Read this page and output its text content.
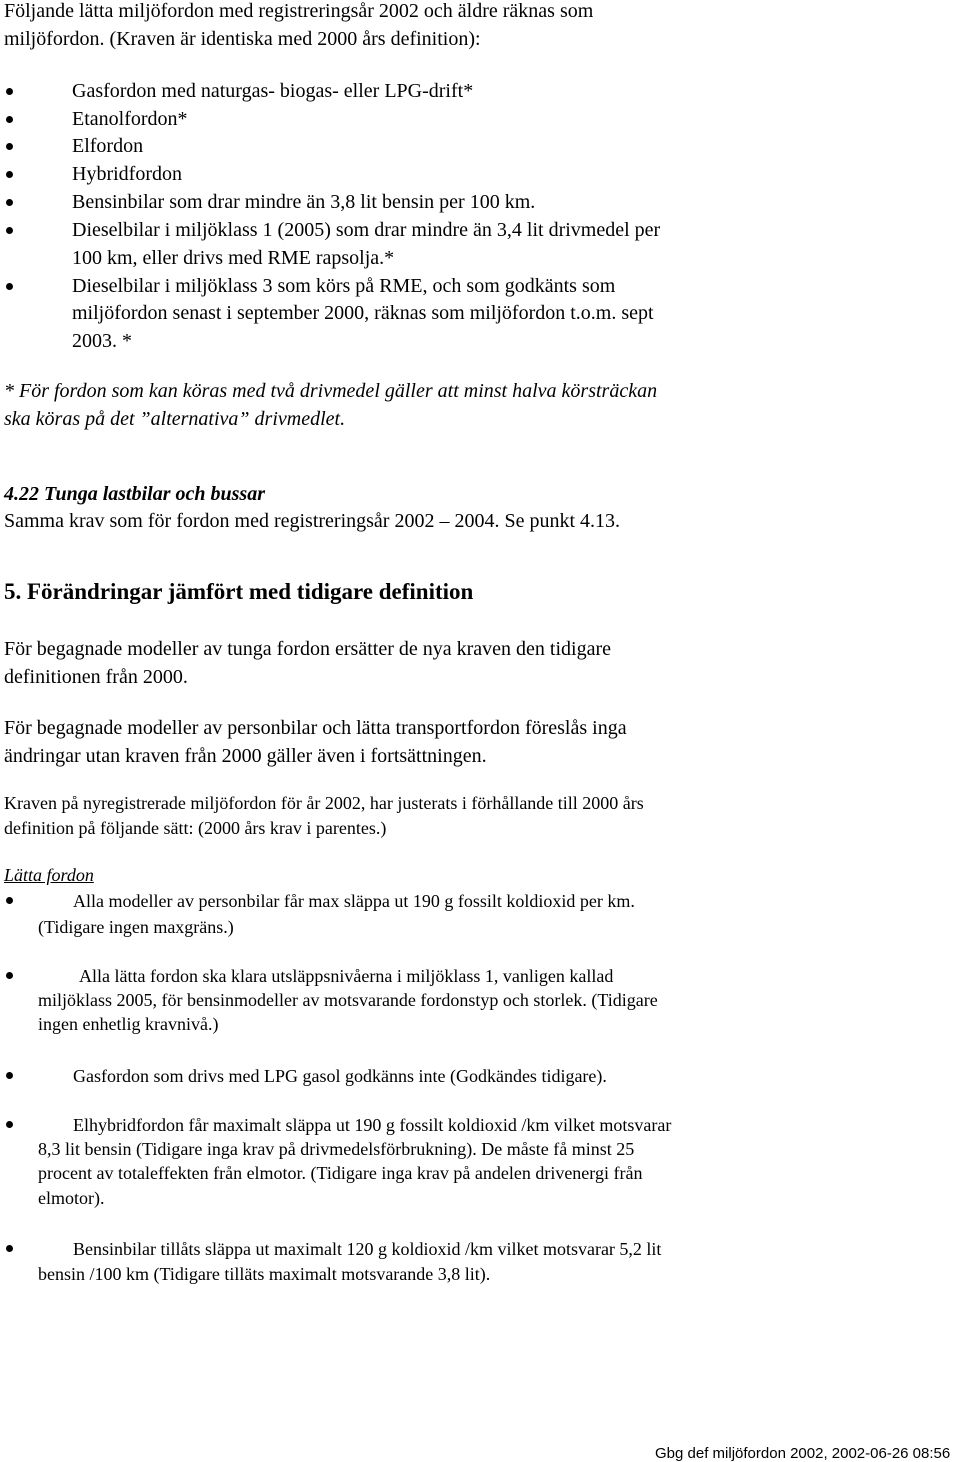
Följande lätta miljöfordon med registreringsår 2002 och äldre räknas som
miljöfordon. (Kraven är identiska med 2000 års definition):
Gasfordon med naturgas- biogas- eller LPG-drift*
Etanolfordon*
Elfordon
Hybridfordon
Bensinbilar som drar mindre än 3,8 lit bensin per 100 km.
Dieselbilar i miljöklass 1 (2005) som drar mindre än 3,4 lit drivmedel per
100 km, eller drivs med RME rapsolja.*
Dieselbilar i miljöklass 3 som körs på RME, och som godkänts som
miljöfordon senast i september 2000, räknas som miljöfordon t.o.m. sept
2003. *
* För fordon som kan köras med två drivmedel gäller att minst halva körsträckan
ska köras på det ”alternativa” drivmedlet.
4.22 Tunga lastbilar och bussar
Samma krav som för fordon med registreringsår 2002 – 2004. Se punkt 4.13.
5. Förändringar jämfört med tidigare definition
För begagnade modeller av tunga fordon ersätter de nya kraven den tidigare
definitionen från 2000.
För begagnade modeller av personbilar och lätta transportfordon föreslås inga
ändringar utan kraven från 2000 gäller även i fortsättningen.
Kraven på nyregistrerade miljöfordon för år 2002, har justerats i förhållande till 2000 års
definition på följande sätt: (2000 års krav i parentes.)
Lätta fordon
Alla modeller av personbilar får max släppa ut 190 g fossilt koldioxid per km.
(Tidigare ingen maxgräns.)
Alla lätta fordon ska klara utsläppsnivåerna i miljöklass 1, vanligen kallad
miljöklass 2005, för bensinmodeller av motsvarande fordonstyp och storlek. (Tidigare
ingen enhetlig kravnivå.)
Gasfordon som drivs med LPG gasol godkänns inte (Godkändes tidigare).
Elhybridfordon får maximalt släppa ut 190 g fossilt koldioxid /km vilket motsvarar
8,3 lit bensin (Tidigare inga krav på drivmedelsförbrukning). De måste få minst 25
procent av totaleffekten från elmotor. (Tidigare inga krav på andelen drivenergi från
elmotor).
Bensinbilar tillåts släppa ut maximalt 120 g koldioxid /km vilket motsvarar 5,2 lit
bensin /100 km (Tidigare tilläts maximalt motsvarande 3,8 lit).
Gbg def miljöfordon 2002, 2002-06-26 08:56
